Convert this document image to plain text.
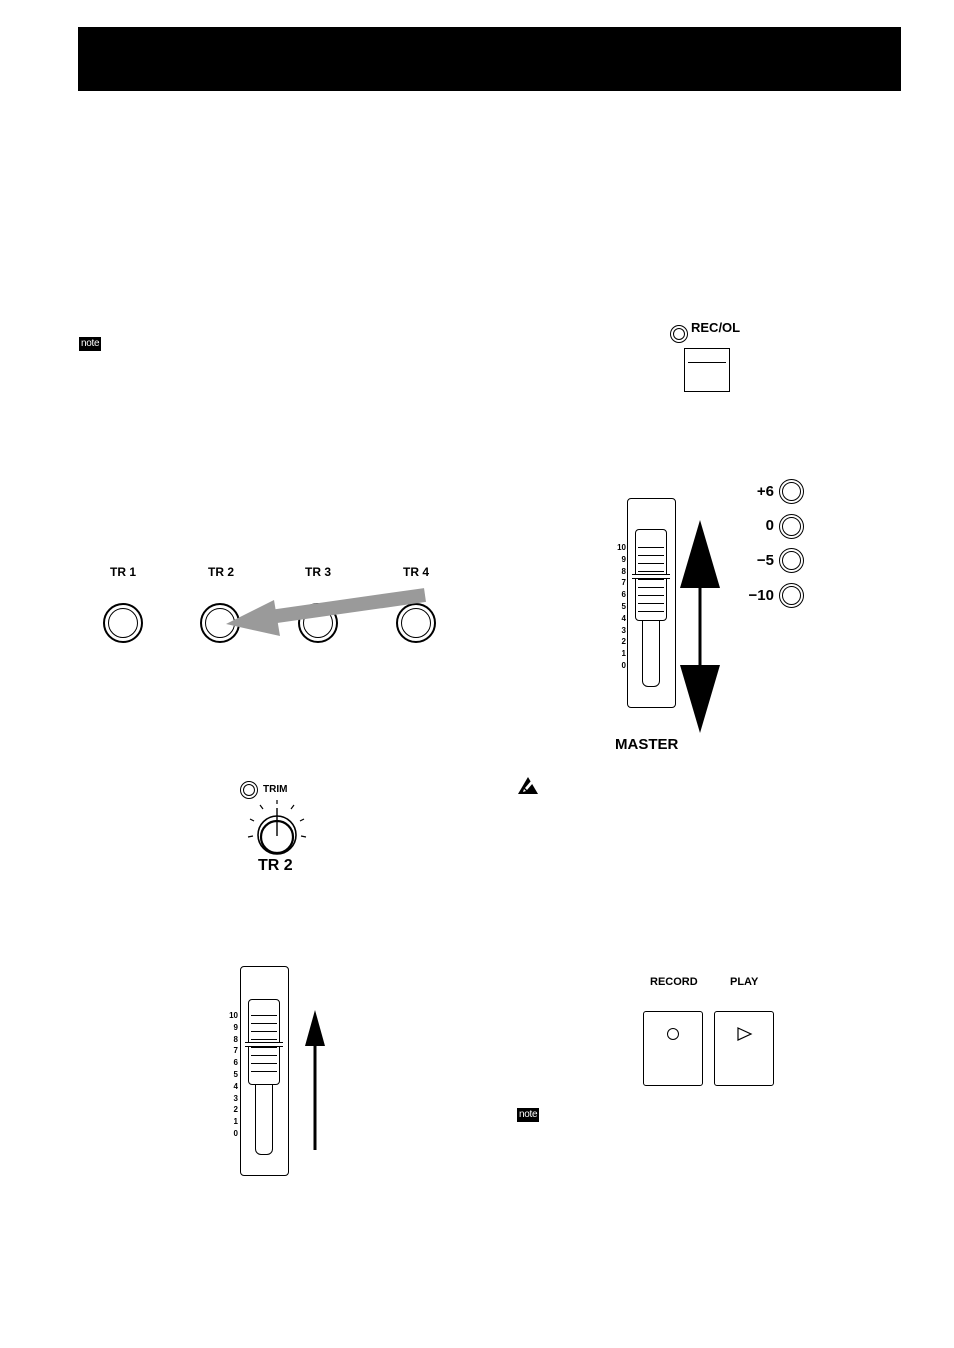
note
REC/OL
TR 1	TR 2	TR 3	TR 4
TRIM
TR 2
10
9
8
7
6
5
4
3
2
1
0
10
9
8
7
6
5
4
3
2
1
0
MASTER
+6
0
−5
−10
RECORD	PLAY
note
